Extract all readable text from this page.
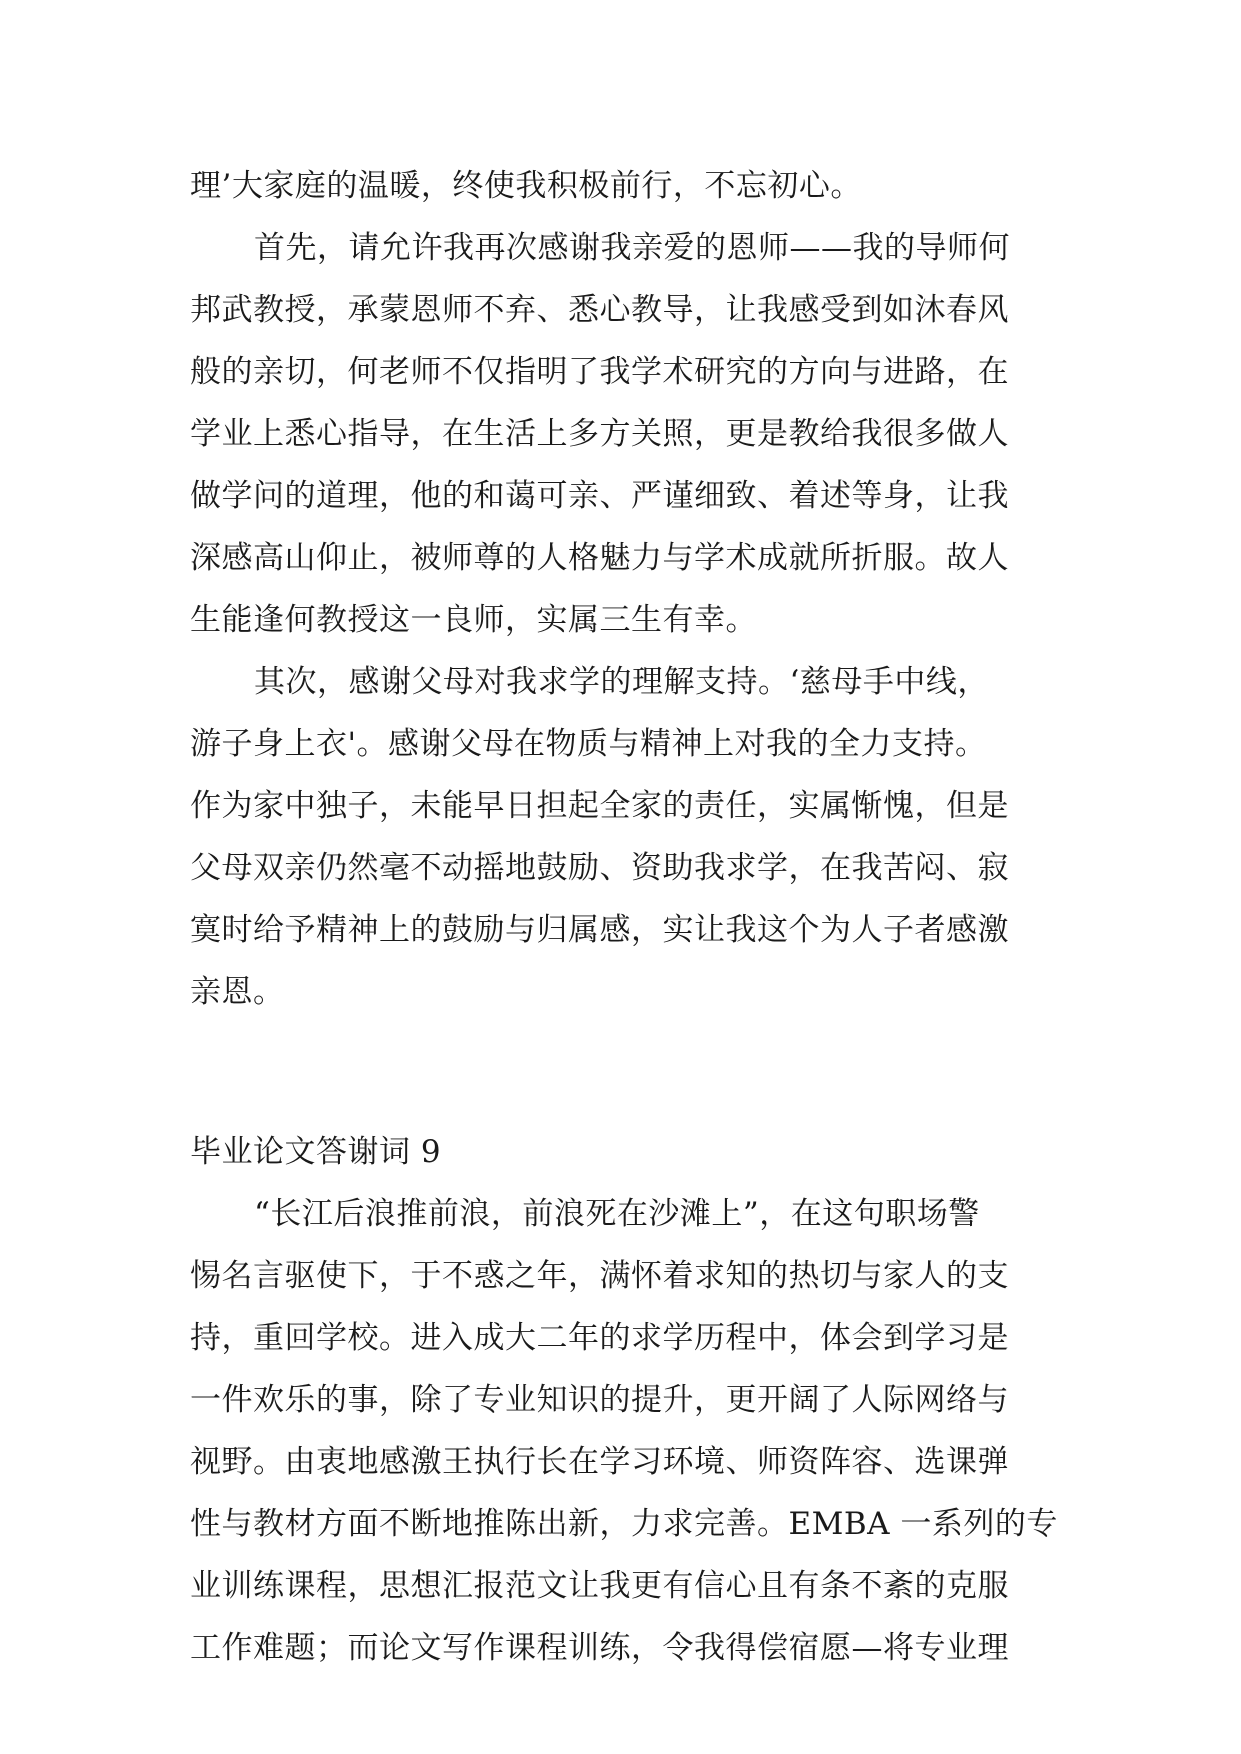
理’大家庭的温暖，终使我积极前行，不忘初心。
首先，请允许我再次感谢我亲爱的恩师——我的导师何
邦武教授，承蒙恩师不弃、悉心教导，让我感受到如沐春风
般的亲切，何老师不仅指明了我学术研究的方向与进路，在
学业上悉心指导，在生活上多方关照，更是教给我很多做人
做学问的道理，他的和蔼可亲、严谨细致、着述等身，让我
深感高山仰止，被师尊的人格魅力与学术成就所折服。故人
生能逢何教授这一良师，实属三生有幸。
其次，感谢父母对我求学的理解支持。‘慈母手中线，
游子身上衣'。感谢父母在物质与精神上对我的全力支持。
作为家中独子，未能早日担起全家的责任，实属惭愧，但是
父母双亲仍然毫不动摇地鼓励、资助我求学，在我苦闷、寂
寞时给予精神上的鼓励与归属感，实让我这个为人子者感激
亲恩。
毕业论文答谢词 9
“长江后浪推前浪，前浪死在沙滩上”，在这句职场警
惕名言驱使下，于不惑之年，满怀着求知的热切与家人的支
持，重回学校。进入成大二年的求学历程中，体会到学习是
一件欢乐的事，除了专业知识的提升，更开阔了人际网络与
视野。由衷地感激王执行长在学习环境、师资阵容、选课弹
性与教材方面不断地推陈出新，力求完善。EMBA 一系列的专
业训练课程，思想汇报范文让我更有信心且有条不紊的克服
工作难题；而论文写作课程训练，令我得偿宿愿—将专业理
